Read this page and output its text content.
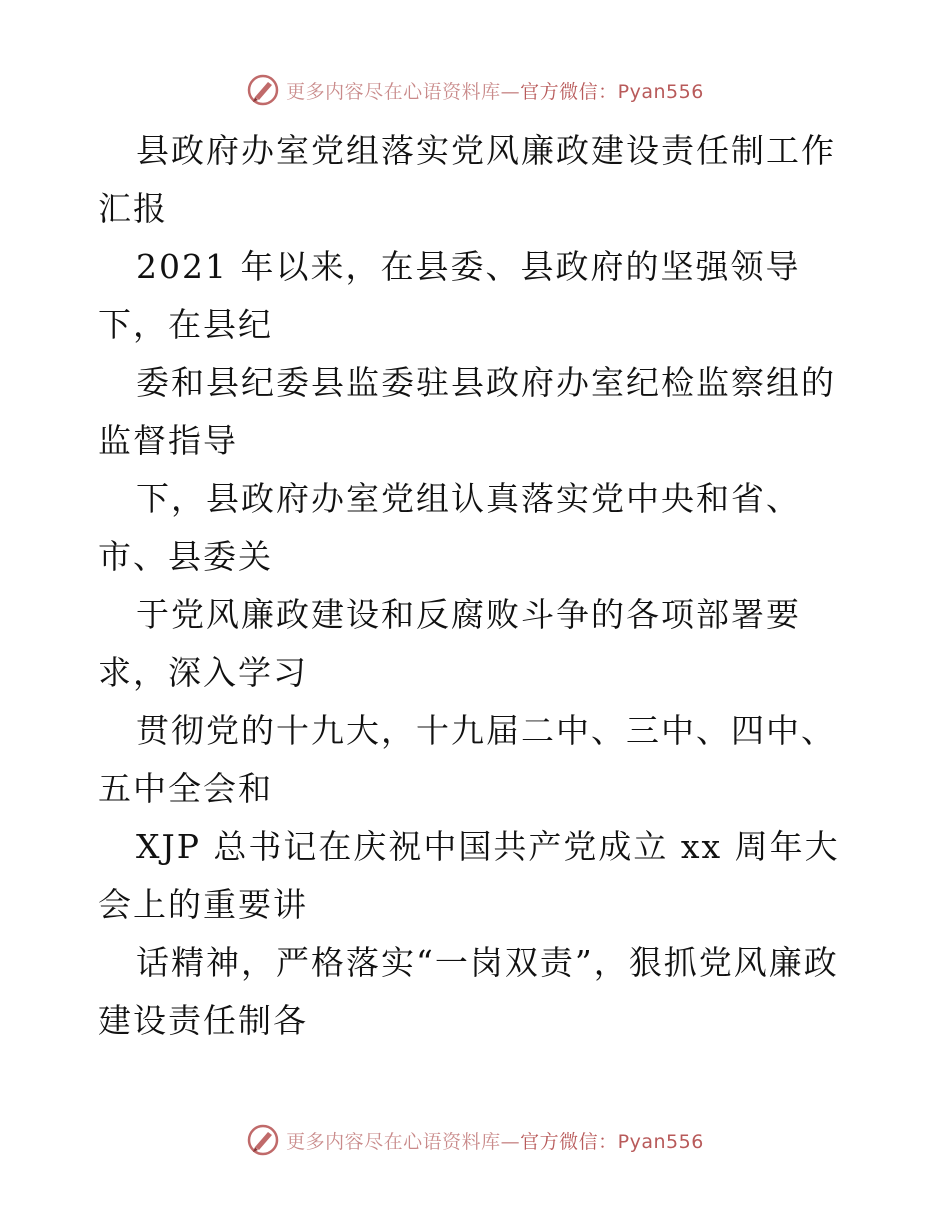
更多内容尽在心语资料库—官方微信：Pyan556

县政府办室党组落实党风廉政建设责任制工作汇报

2021 年以来，在县委、县政府的坚强领导下，在县纪

委和县纪委县监委驻县政府办室纪检监察组的监督指导

下，县政府办室党组认真落实党中央和省、市、县委关

于党风廉政建设和反腐败斗争的各项部署要求，深入学习

贯彻党的十九大，十九届二中、三中、四中、五中全会和

XJP 总书记在庆祝中国共产党成立 xx 周年大会上的重要讲

话精神，严格落实“一岗双责”，狠抓党风廉政建设责任制各

更多内容尽在心语资料库—官方微信：Pyan556
